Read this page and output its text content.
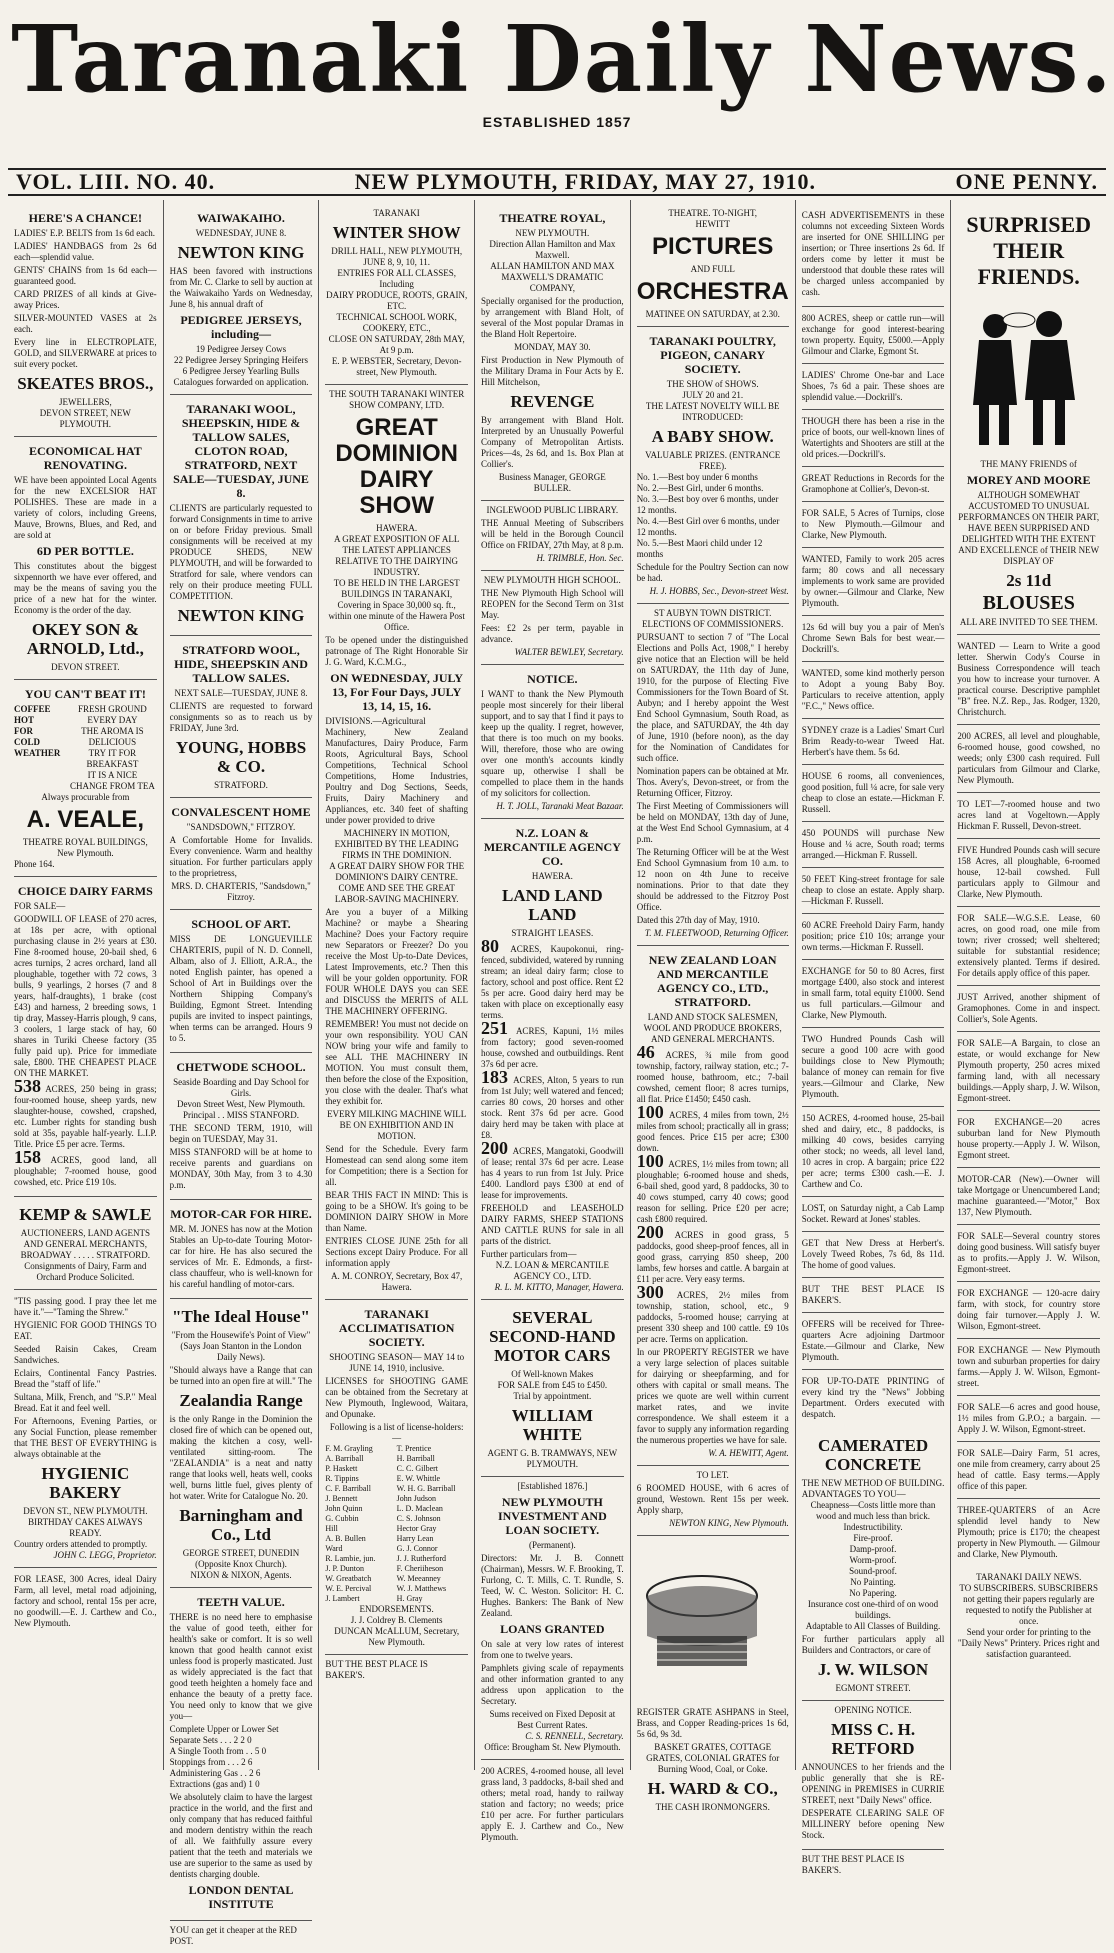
Taranaki Daily News.
ESTABLISHED 1857
VOL. LIII. NO. 40.	NEW PLYMOUTH, FRIDAY, MAY 27, 1910.	ONE PENNY.
HERE'S A CHANCE!
LADIES' E.P. BELTS from 1s 6d each.
LADIES' HANDBAGS from 2s 6d each—splendid value.
GENTS' CHAINS from 1s 6d each—guaranteed good.
CARD PRIZES of all kinds at Give-away Prices.
SILVER-MOUNTED VASES at 2s each.
Every line in ELECTROPLATE, GOLD, and SILVERWARE at prices to suit every pocket.
SKEATES BROS.,
JEWELLERS,
DEVON STREET, NEW PLYMOUTH.
ECONOMICAL HAT RENOVATING.
WE have been appointed Local Agents for the new EXCELSIOR HAT POLISHES. These are made in a variety of colors, including Greens, Mauve, Browns, Blues, and Red, and are sold at
6D PER BOTTLE.
This constitutes about the biggest sixpennorth we have ever offered, and may be the means of saving you the price of a new hat for the winter. Economy is the order of the day.
OKEY SON & ARNOLD, Ltd.,
DEVON STREET.
YOU CAN'T BEAT IT!
COFFEE
HOT
FOR
COLD
WEATHER
FRESH GROUND EVERY DAY
THE AROMA IS DELICIOUS
TRY IT FOR BREAKFAST
IT IS A NICE CHANGE FROM TEA
Always procurable from
A. VEALE,
THEATRE ROYAL BUILDINGS, New Plymouth.
Phone 164.
CHOICE DAIRY FARMS
FOR SALE—
GOODWILL OF LEASE of 270 acres, at 18s per acre, with optional purchasing clause in 2½ years at £30. Fine 8-roomed house, 20-bail shed, 6 acres turnips, 2 acres orchard, land all ploughable, together with 72 cows, 3 bulls, 9 yearlings, 2 horses (7 and 8 years, half-draughts), 1 brake (cost £43) and harness, 2 breeding sows, 1 tip dray, Massey-Harris plough, 9 cans, 3 coolers, 1 large stack of hay, 60 shares in Turiki Cheese factory (35 fully paid up). Price for immediate sale, £800. THE CHEAPEST PLACE ON THE MARKET.
538 ACRES, 250 being in grass; four-roomed house, sheep yards, new slaughter-house, cowshed, crapshed, etc. Lumber rights for standing bush sold at 35s, payable half-yearly. L.I.P. Title. Price £5 per acre. Terms.
158 ACRES, good land, all ploughable; 7-roomed house, good cowshed, etc. Price £19 10s.
KEMP & SAWLE
AUCTIONEERS, LAND AGENTS AND GENERAL MERCHANTS,
BROADWAY . . . . . STRATFORD.
Consignments of Dairy, Farm and Orchard Produce Solicited.
"TIS passing good. I pray thee let me have it."—"Taming the Shrew."
HYGIENIC FOR GOOD THINGS TO EAT.
Seeded Raisin Cakes, Cream Sandwiches.
Eclairs, Continental Fancy Pastries. Bread the "staff of life."
Sultana, Milk, French, and "S.P." Meal Bread. Eat it and feel well.
For Afternoons, Evening Parties, or any Social Function, please remember that THE BEST OF EVERYTHING is always obtainable at the
HYGIENIC BAKERY
DEVON ST., NEW PLYMOUTH.
BIRTHDAY CAKES ALWAYS READY.
Country orders attended to promptly.
JOHN C. LEGG, Proprietor.
FOR LEASE, 300 Acres, ideal Dairy Farm, all level, metal road adjoining, factory and school, rental 15s per acre, no goodwill.—E. J. Carthew and Co., New Plymouth.
WAIWAKAIHO.
WEDNESDAY, JUNE 8.
NEWTON KING
HAS been favored with instructions from Mr. C. Clarke to sell by auction at the Waiwakaiho Yards on Wednesday, June 8, his annual draft of
PEDIGREE JERSEYS, including—
19 Pedigree Jersey Cows
22 Pedigree Jersey Springing Heifers
6 Pedigree Jersey Yearling Bulls
Catalogues forwarded on application.
TARANAKI WOOL, SHEEPSKIN, HIDE & TALLOW SALES, CLOTON ROAD, STRATFORD, NEXT SALE—TUESDAY, JUNE 8.
CLIENTS are particularly requested to forward Consignments in time to arrive on or before Friday previous. Small consignments will be received at my PRODUCE SHEDS, NEW PLYMOUTH, and will be forwarded to Stratford for sale, where vendors can rely on their produce meeting FULL COMPETITION.
NEWTON KING
STRATFORD WOOL, HIDE, SHEEPSKIN AND TALLOW SALES.
NEXT SALE—TUESDAY, JUNE 8.
CLIENTS are requested to forward consignments so as to reach us by FRIDAY, June 3rd.
YOUNG, HOBBS & CO.
STRATFORD.
CONVALESCENT HOME
"SANDSDOWN," FITZROY.
A Comfortable Home for Invalids. Every convenience. Warm and healthy situation. For further particulars apply to the proprietress,
MRS. D. CHARTERIS, "Sandsdown," Fitzroy.
SCHOOL OF ART.
MISS DE LONGUEVILLE CHARTERIS, pupil of N. D. Connell, Albam, also of J. Elliott, A.R.A., the noted English painter, has opened a School of Art in Buildings over the Northern Shipping Company's Building, Egmont Street. Intending pupils are invited to inspect paintings, when terms can be arranged. Hours 9 to 5.
CHETWODE SCHOOL.
Seaside Boarding and Day School for Girls.
Devon Street West, New Plymouth.
Principal . . MISS STANFORD.
THE SECOND TERM, 1910, will begin on TUESDAY, May 31.
MISS STANFORD will be at home to receive parents and guardians on MONDAY, 30th May, from 3 to 4.30 p.m.
MOTOR-CAR FOR HIRE.
MR. M. JONES has now at the Motion Stables an Up-to-date Touring Motor-car for hire. He has also secured the services of Mr. E. Edmonds, a first-class chauffeur, who is well-known for his careful handling of motor-cars.
"The Ideal House"
"From the Housewife's Point of View" (Says Joan Stanton in the London Daily News).
"Should always have a Range that can be turned into an open fire at will." The
Zealandia Range
is the only Range in the Dominion the closed fire of which can be opened out, making the kitchen a cosy, well-ventilated sitting-room. The "ZEALANDIA" is a neat and natty range that looks well, heats well, cooks well, burns little fuel, gives plenty of hot water. Write for Catalogue No. 20.
Barningham and Co., Ltd
GEORGE STREET, DUNEDIN (Opposite Knox Church).
NIXON & NIXON, Agents.
TEETH VALUE.
THERE is no need here to emphasise the value of good teeth, either for health's sake or comfort. It is so well known that good health cannot exist unless food is properly masticated. Just as widely appreciated is the fact that good teeth heighten a homely face and enhance the beauty of a pretty face. You need only to know that we give you—
Complete Upper or Lower Set
Separate Sets . . . 2 2 0
A Single Tooth from . . 5 0
Stoppings from . . . 2 6
Administering Gas . . 2 6
Extractions (gas and) 1 0
We absolutely claim to have the largest practice in the world, and the first and only company that has reduced faithful and modern dentistry within the reach of all. We faithfully assure every patient that the teeth and materials we use are superior to the same as used by dentists charging double.
LONDON DENTAL INSTITUTE
YOU can get it cheaper at the RED POST.
TARANAKI
WINTER SHOW
DRILL HALL, NEW PLYMOUTH, JUNE 8, 9, 10, 11.
ENTRIES FOR ALL CLASSES, Including
DAIRY PRODUCE, ROOTS, GRAIN, ETC.
TECHNICAL SCHOOL WORK, COOKERY, ETC.,
CLOSE ON SATURDAY, 28th MAY, At 9 p.m.
E. P. WEBSTER, Secretary, Devon-street, New Plymouth.
THE SOUTH TARANAKI WINTER SHOW COMPANY, LTD.
GREAT DOMINION DAIRY SHOW
HAWERA.
A GREAT EXPOSITION OF ALL THE LATEST APPLIANCES RELATIVE TO THE DAIRYING INDUSTRY.
TO BE HELD IN THE LARGEST BUILDINGS IN TARANAKI, Covering in Space 30,000 sq. ft., within one minute of the Hawera Post Office.
To be opened under the distinguished patronage of The Right Honorable Sir J. G. Ward, K.C.M.G.,
ON WEDNESDAY, JULY 13, For Four Days, JULY 13, 14, 15, 16.
DIVISIONS.—Agricultural Machinery, New Zealand Manufactures, Dairy Produce, Farm Roots, Agricultural Bays, School Competitions, Technical School Competitions, Home Industries, Poultry and Dog Sections, Seeds, Fruits, Dairy Machinery and Appliances, etc. 340 feet of shafting under power provided to drive
MACHINERY IN MOTION, EXHIBITED BY THE LEADING FIRMS IN THE DOMINION.
A GREAT DAIRY SHOW FOR THE DOMINION'S DAIRY CENTRE.
COME AND SEE THE GREAT LABOR-SAVING MACHINERY.
Are you a buyer of a Milking Machine? or maybe a Shearing Machine? Does your Factory require new Separators or Freezer? Do you receive the Most Up-to-Date Devices, Latest Improvements, etc.? Then this will be your golden opportunity. FOR FOUR WHOLE DAYS you can SEE and DISCUSS the MERITS of ALL THE MACHINERY OFFERING.
REMEMBER! You must not decide on your own responsibility. YOU CAN NOW bring your wife and family to see ALL THE MACHINERY IN MOTION. You must consult them, then before the close of the Exposition, you close with the dealer. That's what they exhibit for.
EVERY MILKING MACHINE WILL BE ON EXHIBITION AND IN MOTION.
Send for the Schedule. Every farm Homestead can send along some item for Competition; there is a Section for all.
BEAR THIS FACT IN MIND: This is going to be a SHOW. It's going to be DOMINION DAIRY SHOW in More than Name.
ENTRIES CLOSE JUNE 25th for all Sections except Dairy Produce. For all information apply
A. M. CONROY, Secretary, Box 47, Hawera.
TARANAKI ACCLIMATISATION SOCIETY.
SHOOTING SEASON— MAY 14 to JUNE 14, 1910, inclusive.
LICENSES for SHOOTING GAME can be obtained from the Secretary at New Plymouth, Inglewood, Waitara, and Opunake.
Following is a list of license-holders:—
F. M. Grayling	T. Prentice
A. Barriball	H. Barriball
P. Haskett	C. C. Gilbert
R. Tippins	E. W. Whittle
C. F. Barriball	W. H. G. Barriball
J. Bennett	John Judson
John Quinn	L. D. Maclean
G. Cubbin	C. S. Johnson
Hill	Hector Gray
A. B. Bullen	Harry Lean
Ward	G. J. Connor
R. Lambie, jun.	J. J. Rutherford
J. P. Dunton	F. Cheriiheson
W. Greatbatch	W. Meeanney
W. E. Percival	W. J. Matthews
J. Lambert	H. Gray
ENDORSEMENTS.
J. J. Coldrey B. Clements
DUNCAN McALLUM, Secretary, New Plymouth.
BUT THE BEST PLACE IS BAKER'S.
THEATRE ROYAL,
NEW PLYMOUTH.
Direction Allan Hamilton and Max Maxwell.
ALLAN HAMILTON AND MAX MAXWELL'S DRAMATIC COMPANY,
Specially organised for the production, by arrangement with Bland Holt, of several of the Most popular Dramas in the Bland Holt Repertoire.
MONDAY, MAY 30.
First Production in New Plymouth of the Military Drama in Four Acts by E. Hill Mitchelson,
REVENGE
By arrangement with Bland Holt. Interpreted by an Unusually Powerful Company of Metropolitan Artists. Prices—4s, 2s 6d, and 1s. Box Plan at Collier's.
Business Manager, GEORGE BULLER.
INGLEWOOD PUBLIC LIBRARY.
THE Annual Meeting of Subscribers will be held in the Borough Council Office on FRIDAY, 27th May, at 8 p.m.
H. TRIMBLE, Hon. Sec.
NEW PLYMOUTH HIGH SCHOOL.
THE New Plymouth High School will REOPEN for the Second Term on 31st May.
Fees: £2 2s per term, payable in advance.
WALTER BEWLEY, Secretary.
NOTICE.
I WANT to thank the New Plymouth people most sincerely for their liberal support, and to say that I find it pays to keep up the quality. I regret, however, that there is too much on my books. Will, therefore, those who are owing over one month's accounts kindly square up, otherwise I shall be compelled to place them in the hands of my solicitors for collection.
H. T. JOLL, Taranaki Meat Bazaar.
N.Z. LOAN & MERCANTILE AGENCY CO.
HAWERA.
LAND LAND LAND
STRAIGHT LEASES.
80 ACRES, Kaupokonui, ring-fenced, subdivided, watered by running stream; an ideal dairy farm; close to factory, school and post office. Rent £2 5s per acre. Good dairy herd may be taken with place on exceptionally easy terms.
251 ACRES, Kapuni, 1½ miles from factory; good seven-roomed house, cowshed and outbuildings. Rent 37s 6d per acre.
183 ACRES, Alton, 5 years to run from 1st July; well watered and fenced; carries 80 cows, 20 horses and other stock. Rent 37s 6d per acre. Good dairy herd may be taken with place at £8.
200 ACRES, Mangatoki, Goodwill of lease; rental 37s 6d per acre. Lease has 4 years to run from 1st July. Price £400. Landlord pays £300 at end of lease for improvements.
FREEHOLD and LEASEHOLD DAIRY FARMS, SHEEP STATIONS AND CATTLE RUNS for sale in all parts of the district.
Further particulars from—
N.Z. LOAN & MERCANTILE AGENCY CO., LTD.
R. L. M. KITTO, Manager, Hawera.
SEVERAL SECOND-HAND MOTOR CARS
Of Well-known Makes
FOR SALE from £45 to £450.
Trial by appointment.
WILLIAM WHITE
AGENT G. B. TRAMWAYS, NEW PLYMOUTH.
[Established 1876.]
NEW PLYMOUTH INVESTMENT AND LOAN SOCIETY.
(Permanent).
Directors: Mr. J. B. Connett (Chairman), Messrs. W. F. Brooking, T. Furlong, C. T. Mills, C. T. Rundle, S. Teed, W. C. Weston. Solicitor: H. C. Hughes. Bankers: The Bank of New Zealand.
LOANS GRANTED
On sale at very low rates of interest from one to twelve years.
Pamphlets giving scale of repayments and other information granted to any address upon application to the Secretary.
Sums received on Fixed Deposit at Best Current Rates.
C. S. RENNELL, Secretary.
Office: Brougham St. New Plymouth.
200 ACRES, 4-roomed house, all level grass land, 3 paddocks, 8-bail shed and others; metal road, handy to railway station and factory; no weeds; price £10 per acre. For further particulars apply E. J. Carthew and Co., New Plymouth.
THEATRE. TO-NIGHT,
HEWITT
PICTURES
AND FULL
ORCHESTRA
MATINEE ON SATURDAY, at 2.30.
TARANAKI POULTRY, PIGEON, CANARY SOCIETY.
THE SHOW of SHOWS.
JULY 20 and 21.
THE LATEST NOVELTY WILL BE INTRODUCED:
A BABY SHOW.
VALUABLE PRIZES. (ENTRANCE FREE).
No. 1.—Best boy under 6 months
No. 2.—Best Girl, under 6 months.
No. 3.—Best boy over 6 months, under 12 months.
No. 4.—Best Girl over 6 months, under 12 months.
No. 5.—Best Maori child under 12 months
Schedule for the Poultry Section can now be had.
H. J. HOBBS, Sec., Devon-street West.
ST AUBYN TOWN DISTRICT.
ELECTIONS OF COMMISSIONERS.
PURSUANT to section 7 of "The Local Elections and Polls Act, 1908," I hereby give notice that an Election will be held on SATURDAY, the 11th day of June, 1910, for the purpose of Electing Five Commissioners for the Town Board of St. Aubyn; and I hereby appoint the West End School Gymnasium, South Road, as the place, and SATURDAY, the 4th day of June, 1910 (before noon), as the day for the Nomination of Candidates for such office.
Nomination papers can be obtained at Mr. Thos. Avery's, Devon-street, or from the Returning Officer, Fitzroy.
The First Meeting of Commissioners will be held on MONDAY, 13th day of June, at the West End School Gymnasium, at 4 p.m.
The Returning Officer will be at the West End School Gymnasium from 10 a.m. to 12 noon on 4th June to receive nominations. Prior to that date they should be addressed to the Fitzroy Post Office.
Dated this 27th day of May, 1910.
T. M. FLEETWOOD, Returning Officer.
NEW ZEALAND LOAN AND MERCANTILE AGENCY CO., LTD., STRATFORD.
LAND AND STOCK SALESMEN, WOOL AND PRODUCE BROKERS, AND GENERAL MERCHANTS.
46 ACRES, ¾ mile from good township, factory, railway station, etc.; 7-roomed house, bathroom, etc.; 7-bail cowshed, cement floor; 8 acres turnips, all flat. Price £1450; £450 cash.
100 ACRES, 4 miles from town, 2½ miles from school; practically all in grass; good fences. Price £15 per acre; £300 down.
100 ACRES, 1½ miles from town; all ploughable; 6-roomed house and sheds, 6-bail shed, good yard, 8 paddocks, 30 to 40 cows stumped, carry 40 cows; good reason for selling. Price £20 per acre; cash £800 required.
200 ACRES in good grass, 5 paddocks, good sheep-proof fences, all in good grass, carrying 850 sheep, 200 lambs, few horses and cattle. A bargain at £11 per acre. Very easy terms.
300 ACRES, 2½ miles from township, station, school, etc., 9 paddocks, 5-roomed house; carrying at present 330 sheep and 100 cattle. £9 10s per acre. Terms on application.
In our PROPERTY REGISTER we have a very large selection of places suitable for dairying or sheepfarming, and for others with capital or small means. The prices we quote are well within current market rates, and we invite correspondence. We shall esteem it a favor to supply any information regarding the numerous properties we have for sale.
W. A. HEWITT, Agent.
TO LET.
6 ROOMED HOUSE, with 6 acres of ground, Westown. Rent 15s per week. Apply sharp,
NEWTON KING, New Plymouth.
REGISTER GRATE ASHPANS in Steel, Brass, and Copper Reading-prices 1s 6d, 5s 6d, 9s 3d.
BASKET GRATES, COTTAGE GRATES, COLONIAL GRATES for Burning Wood, Coal, or Coke.
H. WARD & CO.,
THE CASH IRONMONGERS.
CASH ADVERTISEMENTS in these columns not exceeding Sixteen Words are inserted for ONE SHILLING per insertion; or Three insertions 2s 6d. If orders come by letter it must be understood that double these rates will be charged unless accompanied by cash.
800 ACRES, sheep or cattle run—will exchange for good interest-bearing town property. Equity, £5000.—Apply Gilmour and Clarke, Egmont St.
LADIES' Chrome One-bar and Lace Shoes, 7s 6d a pair. These shoes are splendid value.—Dockrill's.
THOUGH there has been a rise in the price of boots, our well-known lines of Watertights and Shooters are still at the old prices.—Dockrill's.
GREAT Reductions in Records for the Gramophone at Collier's, Devon-st.
FOR SALE, 5 Acres of Turnips, close to New Plymouth.—Gilmour and Clarke, New Plymouth.
WANTED, Family to work 205 acres farm; 80 cows and all necessary implements to work same are provided by owner.—Gilmour and Clarke, New Plymouth.
12s 6d will buy you a pair of Men's Chrome Sewn Bals for best wear.—Dockrill's.
WANTED, some kind motherly person to Adopt a young Baby Boy. Particulars to receive attention, apply "F.C.," News office.
SYDNEY craze is a Ladies' Smart Curl Brim Ready-to-wear Tweed Hat. Herbert's have them. 5s 6d.
HOUSE 6 rooms, all conveniences, good position, full ¼ acre, for sale very cheap to close an estate.—Hickman F. Russell.
450 POUNDS will purchase New House and ¼ acre, South road; terms arranged.—Hickman F. Russell.
50 FEET King-street frontage for sale cheap to close an estate. Apply sharp.—Hickman F. Russell.
60 ACRE Freehold Dairy Farm, handy position; price £10 10s; arrange your own terms.—Hickman F. Russell.
EXCHANGE for 50 to 80 Acres, first mortgage £400, also stock and interest in small farm, total equity £1000. Send us full particulars.—Gilmour and Clarke, New Plymouth.
TWO Hundred Pounds Cash will secure a good 100 acre with good buildings close to New Plymouth; balance of money can remain for five years.—Gilmour and Clarke, New Plymouth.
150 ACRES, 4-roomed house, 25-bail shed and dairy, etc., 8 paddocks, is milking 40 cows, besides carrying other stock; no weeds, all level land, 10 acres in crop. A bargain; price £22 per acre; terms £300 cash.—E. J. Carthew and Co.
LOST, on Saturday night, a Cab Lamp Socket. Reward at Jones' stables.
GET that New Dress at Herbert's. Lovely Tweed Robes, 7s 6d, 8s 11d. The home of good values.
BUT THE BEST PLACE IS BAKER'S.
OFFERS will be received for Three-quarters Acre adjoining Dartmoor Estate.—Gilmour and Clarke, New Plymouth.
FOR UP-TO-DATE PRINTING of every kind try the "News" Jobbing Department. Orders executed with despatch.
CAMERATED CONCRETE
THE NEW METHOD OF BUILDING.
ADVANTAGES TO YOU—
Cheapness—Costs little more than wood and much less than brick.
Indestructibility.
Fire-proof.
Damp-proof.
Worm-proof.
Sound-proof.
No Painting.
No Papering.
Insurance cost one-third of on wood buildings.
Adaptable to All Classes of Building.
For further particulars apply all Builders and Contractors, or care of
J. W. WILSON
EGMONT STREET.
OPENING NOTICE.
MISS C. H. RETFORD
ANNOUNCES to her friends and the public generally that she is RE-OPENING in PREMISES in CURRIE STREET, next "Daily News" office.
DESPERATE CLEARING SALE OF MILLINERY before opening New Stock.
BUT THE BEST PLACE IS BAKER'S.
SURPRISED THEIR FRIENDS.
THE MANY FRIENDS of
MOREY AND MOORE
ALTHOUGH SOMEWHAT ACCUSTOMED TO UNUSUAL PERFORMANCES ON THEIR PART, HAVE BEEN SURPRISED AND DELIGHTED WITH THE EXTENT AND EXCELLENCE of THEIR NEW DISPLAY OF
2s 11d
BLOUSES
ALL ARE INVITED TO SEE THEM.
WANTED — Learn to Write a good letter. Sherwin Cody's Course in Business Correspondence will teach you how to increase your turnover. A practical course. Descriptive pamphlet "B" free. N.Z. Rep., Jas. Rodger, 1320, Christchurch.
200 ACRES, all level and ploughable, 6-roomed house, good cowshed, no weeds; only £300 cash required. Full particulars from Gilmour and Clarke, New Plymouth.
TO LET—7-roomed house and two acres land at Vogeltown.—Apply Hickman F. Russell, Devon-street.
FIVE Hundred Pounds cash will secure 158 Acres, all ploughable, 6-roomed house, 12-bail cowshed. Full particulars apply to Gilmour and Clarke, New Plymouth.
FOR SALE—W.G.S.E. Lease, 60 acres, on good road, one mile from town; river crossed; well sheltered; suitable for substantial residence; extensively planted. Terms if desired. For details apply office of this paper.
JUST Arrived, another shipment of Gramophones. Come in and inspect. Collier's, Sole Agents.
FOR SALE—A Bargain, to close an estate, or would exchange for New Plymouth property, 250 acres mixed farming land, with all necessary buildings.—Apply sharp, J. W. Wilson, Egmont-street.
FOR EXCHANGE—20 acres suburban land for New Plymouth house property.—Apply J. W. Wilson, Egmont street.
MOTOR-CAR (New).—Owner will take Mortgage or Unencumbered Land; machine guaranteed.—"Motor," Box 137, New Plymouth.
FOR SALE—Several country stores doing good business. Will satisfy buyer as to profits.—Apply J. W. Wilson, Egmont-street.
FOR EXCHANGE — 120-acre dairy farm, with stock, for country store doing fair turnover.—Apply J. W. Wilson, Egmont-street.
FOR EXCHANGE — New Plymouth town and suburban properties for dairy farms.—Apply J. W. Wilson, Egmont-street.
FOR SALE—6 acres and good house, 1½ miles from G.P.O.; a bargain. —Apply J. W. Wilson, Egmont-street.
FOR SALE—Dairy Farm, 51 acres, one mile from creamery, carry about 25 head of cattle. Easy terms.—Apply office of this paper.
THREE-QUARTERS of an Acre splendid level handy to New Plymouth; price is £170; the cheapest property in New Plymouth. — Gilmour and Clarke, New Plymouth.
TARANAKI DAILY NEWS.
TO SUBSCRIBERS. SUBSCRIBERS not getting their papers regularly are requested to notify the Publisher at once.
Send your order for printing to the "Daily News" Printery. Prices right and satisfaction guaranteed.
